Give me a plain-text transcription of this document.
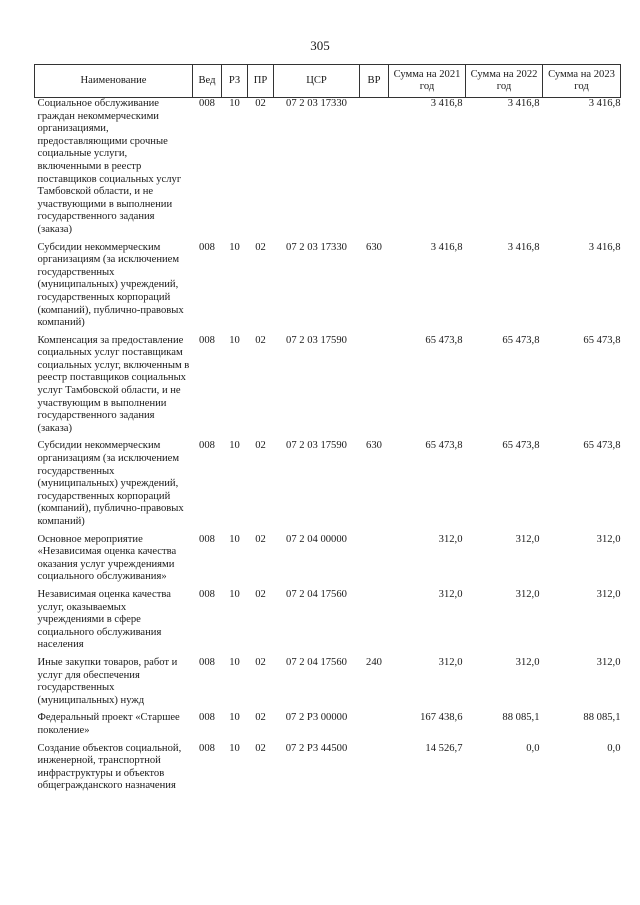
305
Наименование	Вед	РЗ	ПР	ЦСР	ВР	Сумма на 2021 год	Сумма на 2022 год	Сумма на 2023 год
Социальное обслуживание граждан некоммерческими организациями, предоставляющими срочные социальные услуги, включенными в реестр поставщиков социальных услуг Тамбовской области, и не участвующими в выполнении государственного задания (заказа)	008	10	02	07 2 03 17330		3 416,8	3 416,8	3 416,8
Субсидии некоммерческим организациям (за исключением государственных (муниципальных) учреждений, государственных корпораций (компаний), публично-правовых компаний)	008	10	02	07 2 03 17330	630	3 416,8	3 416,8	3 416,8
Компенсация за предоставление социальных услуг поставщикам социальных услуг, включенным в реестр поставщиков социальных услуг Тамбовской области, и не участвующим в выполнении государственного задания (заказа)	008	10	02	07 2 03 17590		65 473,8	65 473,8	65 473,8
Субсидии некоммерческим организациям (за исключением государственных (муниципальных) учреждений, государственных корпораций (компаний), публично-правовых компаний)	008	10	02	07 2 03 17590	630	65 473,8	65 473,8	65 473,8
Основное мероприятие «Независимая оценка качества оказания услуг учреждениями социального обслуживания»	008	10	02	07 2 04 00000		312,0	312,0	312,0
Независимая оценка качества услуг, оказываемых учреждениями в сфере социального обслуживания населения	008	10	02	07 2 04 17560		312,0	312,0	312,0
Иные закупки товаров, работ и услуг для обеспечения государственных (муниципальных) нужд	008	10	02	07 2 04 17560	240	312,0	312,0	312,0
Федеральный проект «Старшее поколение»	008	10	02	07 2 P3 00000		167 438,6	88 085,1	88 085,1
Создание объектов социальной, инженерной, транспортной инфраструктуры и объектов общегражданского назначения	008	10	02	07 2 P3 44500		14 526,7	0,0	0,0
